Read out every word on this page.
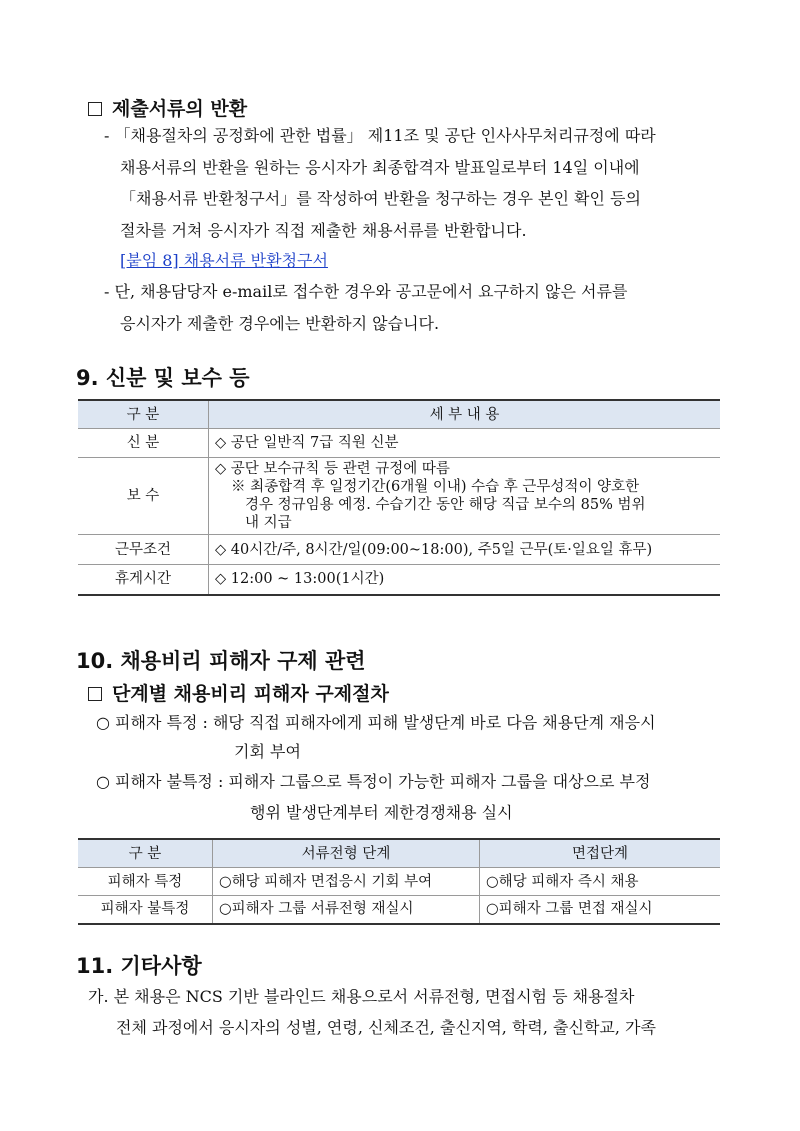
제출서류의 반환
- 「채용절차의 공정화에 관한 법률」 제11조 및 공단 인사사무처리규정에 따라
채용서류의 반환을 원하는 응시자가 최종합격자 발표일로부터 14일 이내에
「채용서류 반환청구서」를 작성하여 반환을 청구하는 경우 본인 확인 등의
절차를 거쳐 응시자가 직접 제출한 채용서류를 반환합니다.
[붙임 8] 채용서류 반환청구서
- 단, 채용담당자 e-mail로 접수한 경우와 공고문에서 요구하지 않은 서류를
응시자가 제출한 경우에는 반환하지 않습니다.
9. 신분 및 보수 등
구 분	세 부 내 용
신 분	◇ 공단 일반직 7급 직원 신분
보 수	◇ 공단 보수규칙 등 관련 규정에 따름
※ 최종합격 후 일정기간(6개월 이내) 수습 후 근무성적이 양호한
경우 정규임용 예정. 수습기간 동안 해당 직급 보수의 85% 범위
내 지급

근무조건	◇ 40시간/주, 8시간/일(09:00~18:00), 주5일 근무(토·일요일 휴무)
휴게시간	◇ 12:00 ~ 13:00(1시간)
10. 채용비리 피해자 구제 관련
단계별 채용비리 피해자 구제절차
○ 피해자 특정 : 해당 직접 피해자에게 피해 발생단계 바로 다음 채용단계 재응시
기회 부여
○ 피해자 불특정 : 피해자 그룹으로 특정이 가능한 피해자 그룹을 대상으로 부정
행위 발생단계부터 제한경쟁채용 실시
구 분	서류전형 단계	면접단계
피해자 특정	○해당 피해자 면접응시 기회 부여	○해당 피해자 즉시 채용
피해자 불특정	○피해자 그룹 서류전형 재실시	○피해자 그룹 면접 재실시
11. 기타사항
가. 본 채용은 NCS 기반 블라인드 채용으로서 서류전형, 면접시험 등 채용절차
전체 과정에서 응시자의 성별, 연령, 신체조건, 출신지역, 학력, 출신학교, 가족
